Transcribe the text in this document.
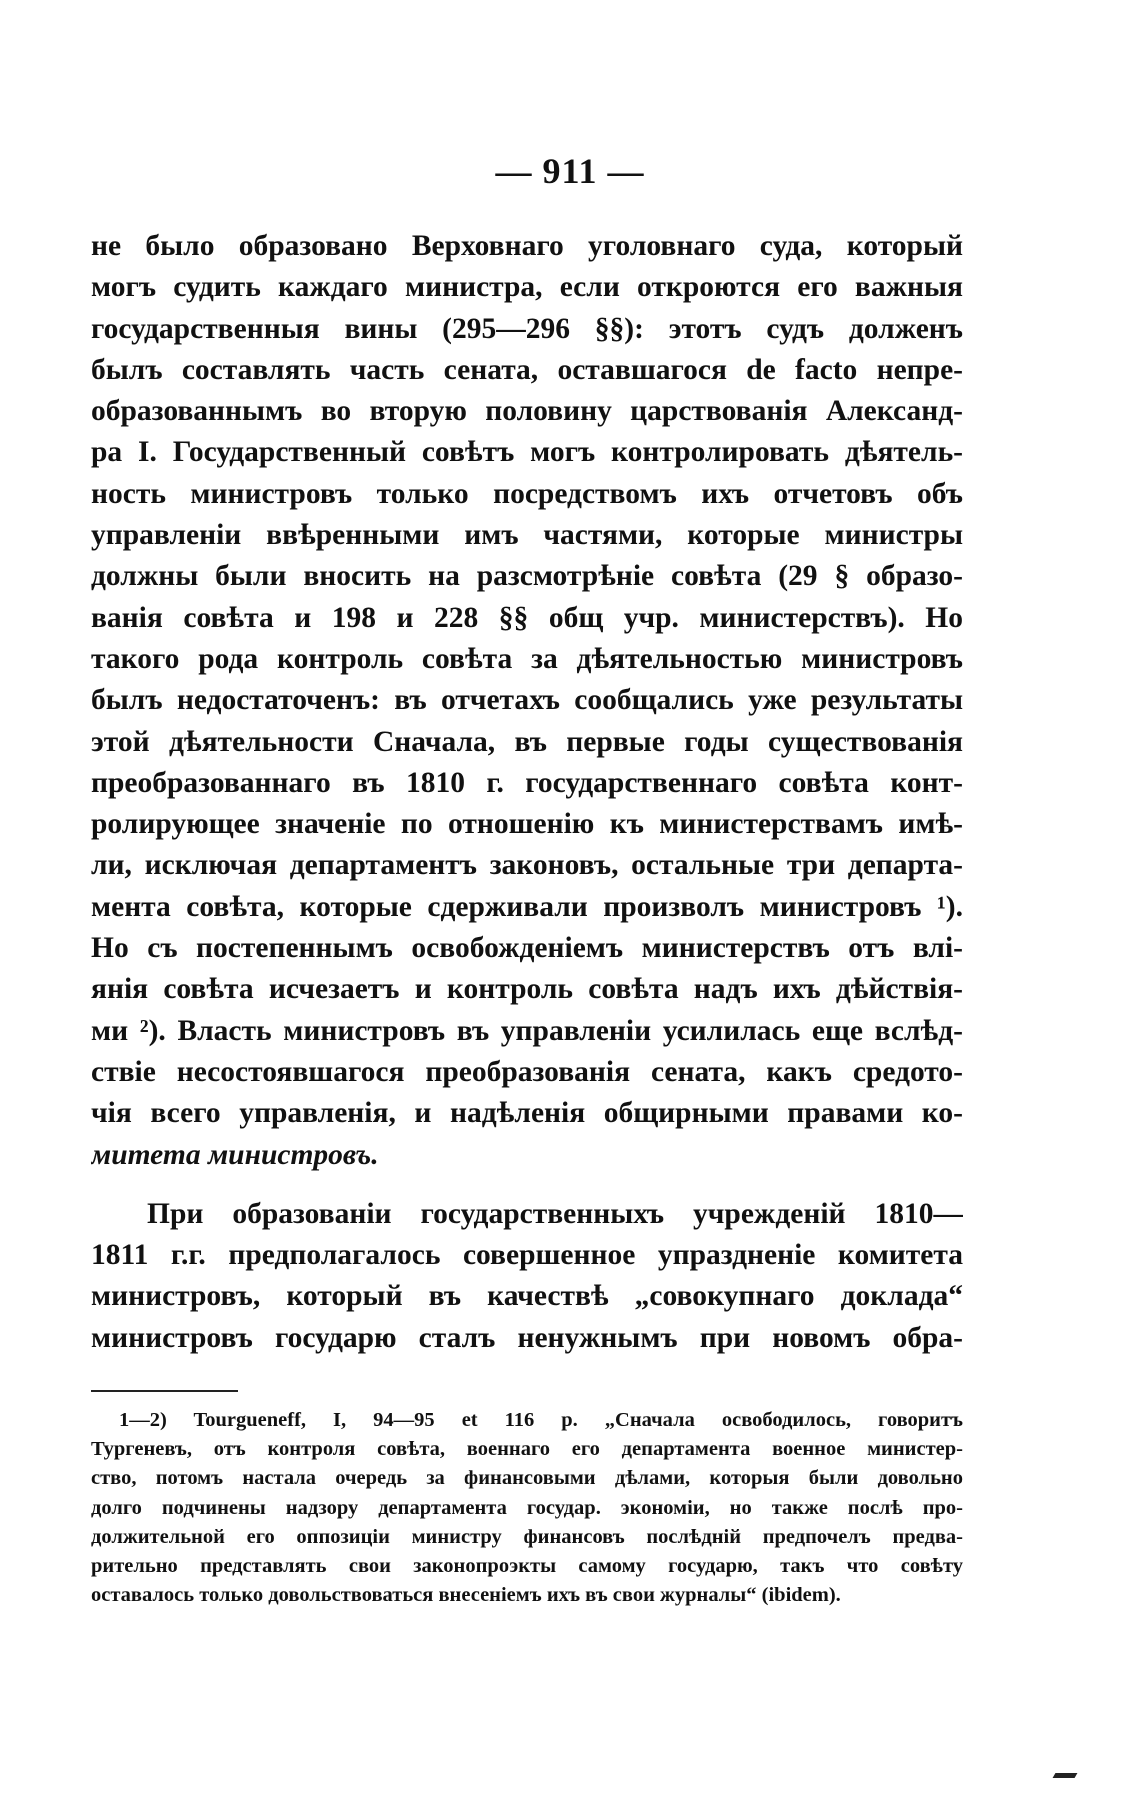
— 911 —
не было образовано Верховнаго уголовнаго суда, который
могъ судить каждаго министра, если откроются его важныя
государственныя вины (295—296 §§): этотъ судъ долженъ
былъ составлять часть сената, оставшагося de facto непре-
образованнымъ во вторую половину царствованія Александ-
ра I. Государственный совѣтъ могъ контролировать дѣятель-
ность министровъ только посредствомъ ихъ отчетовъ объ
управленіи ввѣренными имъ частями, которые министры
должны были вносить на разсмотрѣніе совѣта (29 § образо-
ванія совѣта и 198 и 228 §§ общ учр. министерствъ). Но
такого рода контроль совѣта за дѣятельностью министровъ
былъ недостаточенъ: въ отчетахъ сообщались уже результаты
этой дѣятельности Сначала, въ первые годы существованія
преобразованнаго въ 1810 г. государственнаго совѣта конт-
ролирующее значеніе по отношенію къ министерствамъ имѣ-
ли, исключая департаментъ законовъ, остальные три департа-
мента совѣта, которые сдерживали произволъ министровъ ¹).
Но съ постепеннымъ освобожденіемъ министерствъ отъ влі-
янія совѣта исчезаетъ и контроль совѣта надъ ихъ дѣйствія-
ми ²). Власть министровъ въ управленіи усилилась еще вслѣд-
ствіе несостоявшагося преобразованія сената, какъ средото-
чія всего управленія, и надѣленія общирными правами ко-
митета министровъ.
При образованіи государственныхъ учрежденій 1810—
1811 г.г. предполагалось совершенное упраздненіе комитета
министровъ, который въ качествѣ „совокупнаго доклада“
министровъ государю сталъ ненужнымъ при новомъ обра-
1—2) Tourgueneff, I, 94—95 et 116 p. „Сначала освободилось, говоритъ
Тургеневъ, отъ контроля совѣта, военнаго его департамента военное министер-
ство, потомъ настала очередь за финансовыми дѣлами, которыя были довольно
долго подчинены надзору департамента государ. экономіи, но также послѣ про-
должительной его оппозиціи министру финансовъ послѣдній предпочелъ предва-
рительно представлять свои законопроэкты самому государю, такъ что совѣту
оставалось только довольствоваться внесеніемъ ихъ въ свои журналы“ (ibidem).
